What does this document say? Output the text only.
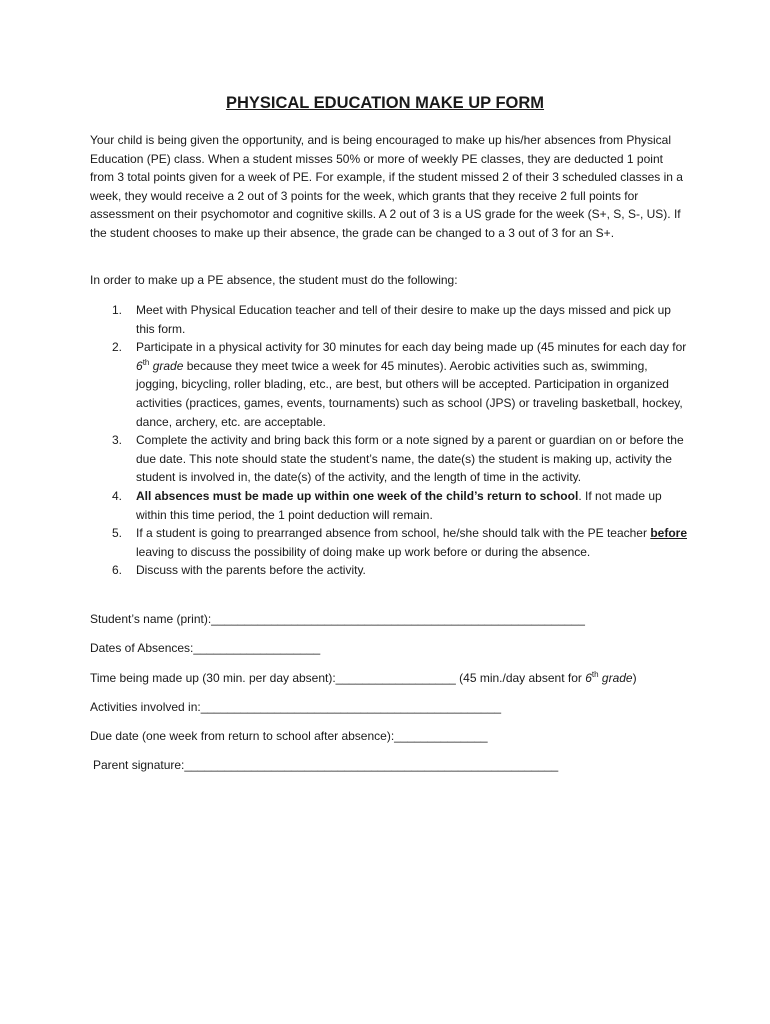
PHYSICAL EDUCATION MAKE UP FORM
Your child is being given the opportunity, and is being encouraged to make up his/her absences from Physical Education (PE) class. When a student misses 50% or more of weekly PE classes, they are deducted 1 point from 3 total points given for a week of PE. For example, if the student missed 2 of their 3 scheduled classes in a week, they would receive a 2 out of 3 points for the week, which grants that they receive 2 full points for assessment on their psychomotor and cognitive skills. A 2 out of 3 is a US grade for the week (S+, S, S-, US). If the student chooses to make up their absence, the grade can be changed to a 3 out of 3 for an S+.
In order to make up a PE absence, the student must do the following:
1. Meet with Physical Education teacher and tell of their desire to make up the days missed and pick up this form.
2. Participate in a physical activity for 30 minutes for each day being made up (45 minutes for each day for 6th grade because they meet twice a week for 45 minutes). Aerobic activities such as, swimming, jogging, bicycling, roller blading, etc., are best, but others will be accepted. Participation in organized activities (practices, games, events, tournaments) such as school (JPS) or traveling basketball, hockey, dance, archery, etc. are acceptable.
3. Complete the activity and bring back this form or a note signed by a parent or guardian on or before the due date. This note should state the student’s name, the date(s) the student is making up, activity the student is involved in, the date(s) of the activity, and the length of time in the activity.
4. All absences must be made up within one week of the child’s return to school. If not made up within this time period, the 1 point deduction will remain.
5. If a student is going to prearranged absence from school, he/she should talk with the PE teacher before leaving to discuss the possibility of doing make up work before or during the absence.
6. Discuss with the parents before the activity.
Student’s name (print):________________________________________________________
Dates of Absences:___________________
Time being made up (30 min. per day absent):__________________ (45 min./day absent for 6th grade)
Activities involved in:_____________________________________________
Due date (one week from return to school after absence):______________
Parent signature:________________________________________________________
